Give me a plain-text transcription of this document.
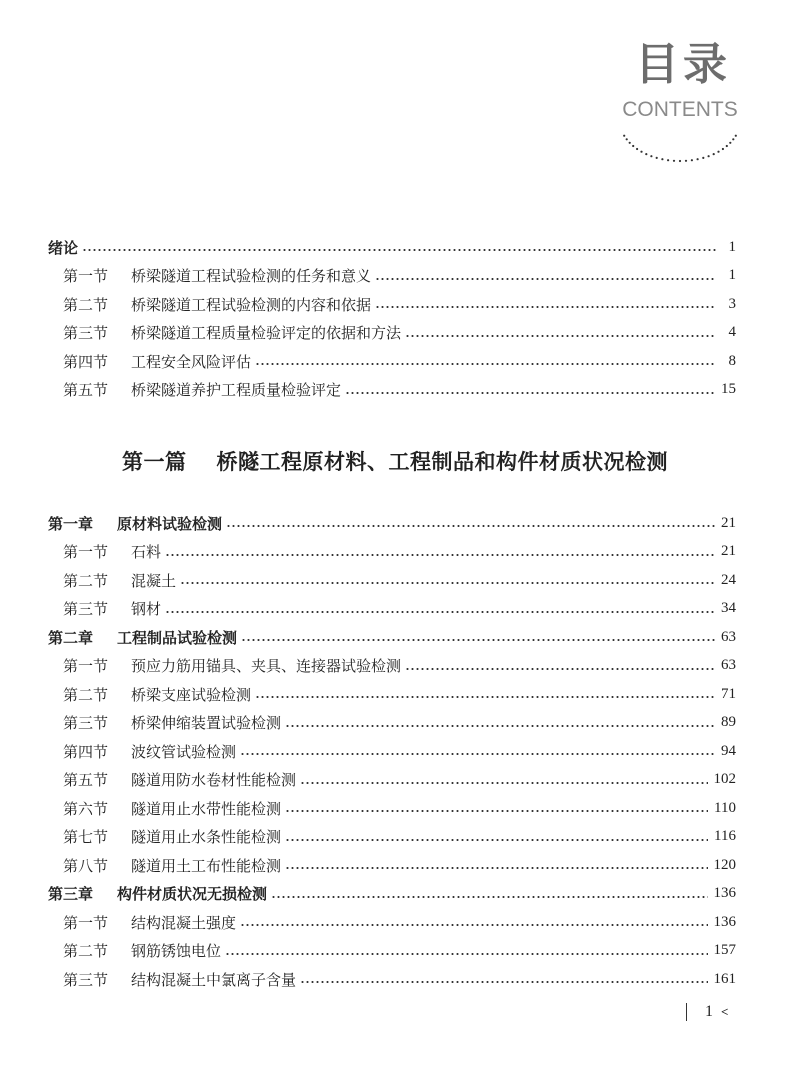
目录
CONTENTS
绪论	1
第一节	桥梁隧道工程试验检测的任务和意义	1
第二节	桥梁隧道工程试验检测的内容和依据	3
第三节	桥梁隧道工程质量检验评定的依据和方法	4
第四节	工程安全风险评估	8
第五节	桥梁隧道养护工程质量检验评定	15
第一篇 桥隧工程原材料、工程制品和构件材质状况检测
第一章	原材料试验检测	21
第一节	石料	21
第二节	混凝土	24
第三节	钢材	34
第二章	工程制品试验检测	63
第一节	预应力筋用锚具、夹具、连接器试验检测	63
第二节	桥梁支座试验检测	71
第三节	桥梁伸缩装置试验检测	89
第四节	波纹管试验检测	94
第五节	隧道用防水卷材性能检测	102
第六节	隧道用止水带性能检测	110
第七节	隧道用止水条性能检测	116
第八节	隧道用土工布性能检测	120
第三章	构件材质状况无损检测	136
第一节	结构混凝土强度	136
第二节	钢筋锈蚀电位	157
第三节	结构混凝土中氯离子含量	161
1 <
